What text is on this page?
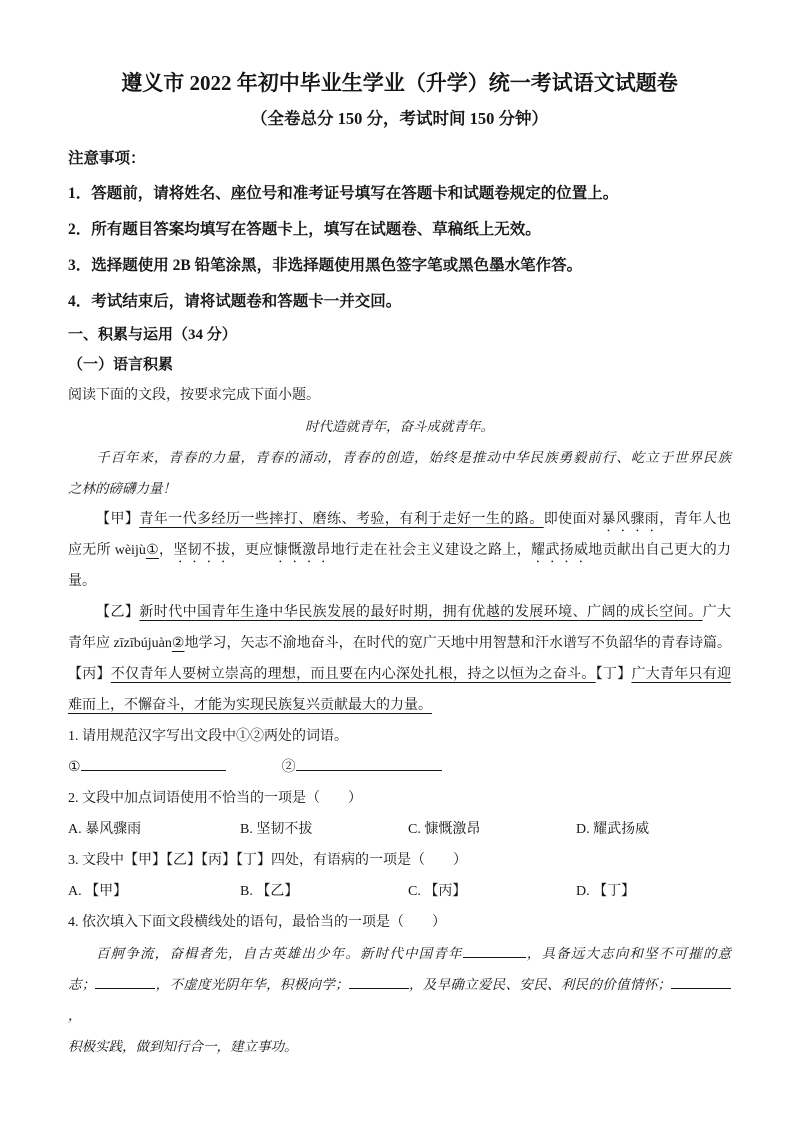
遵义市 2022 年初中毕业生学业（升学）统一考试语文试题卷

（全卷总分 150 分，考试时间 150 分钟）

注意事项：

1．答题前，请将姓名、座位号和准考证号填写在答题卡和试题卷规定的位置上。

2．所有题目答案均填写在答题卡上，填写在试题卷、草稿纸上无效。

3．选择题使用 2B 铅笔涂黑，非选择题使用黑色签字笔或黑色墨水笔作答。

4．考试结束后，请将试题卷和答题卡一并交回。

一、积累与运用（34 分）

（一）语言积累

阅读下面的文段，按要求完成下面小题。

时代造就青年，奋斗成就青年。

千百年来，青春的力量，青春的涌动，青春的创造，始终是推动中华民族勇毅前行、屹立于世界民族

之林的磅礴力量！

【甲】青年一代多经历一些摔打、磨练、考验，有利于走好一生的路。即使面对暴风骤雨，青年人也

应无所 wèijù①，坚韧不拔，更应慷慨激昂地行走在社会主义建设之路上，耀武扬威地贡献出自己更大的力

量。

【乙】新时代中国青年生逢中华民族发展的最好时期，拥有优越的发展环境、广阔的成长空间。广大

青年应 zīzībújuàn②地学习，矢志不渝地奋斗，在时代的宽广天地中用智慧和汗水谱写不负韶华的青春诗篇。

【丙】不仅青年人要树立崇高的理想，而且要在内心深处扎根，持之以恒为之奋斗。【丁】广大青年只有迎

难而上，不懈奋斗，才能为实现民族复兴贡献最大的力量。

1. 请用规范汉字写出文段中①②两处的词语。

①　　　　	②

2. 文段中加点词语使用不恰当的一项是（　　）

A. 暴风骤雨	B. 坚韧不拔	C. 慷慨激昂	D. 耀武扬威

3. 文段中【甲】【乙】【丙】【丁】四处，有语病的一项是（　　）

A. 【甲】	B. 【乙】	C. 【丙】	D. 【丁】

4. 依次填入下面文段横线处的语句，最恰当的一项是（　　）

百舸争流，奋楫者先，自古英雄出少年。新时代中国青年	，具备远大志向和坚不可摧的意

志；	，不虚度光阴年华，积极向学；	，及早确立爱民、安民、利民的价值情怀；，

积极实践，做到知行合一，建立事功。
